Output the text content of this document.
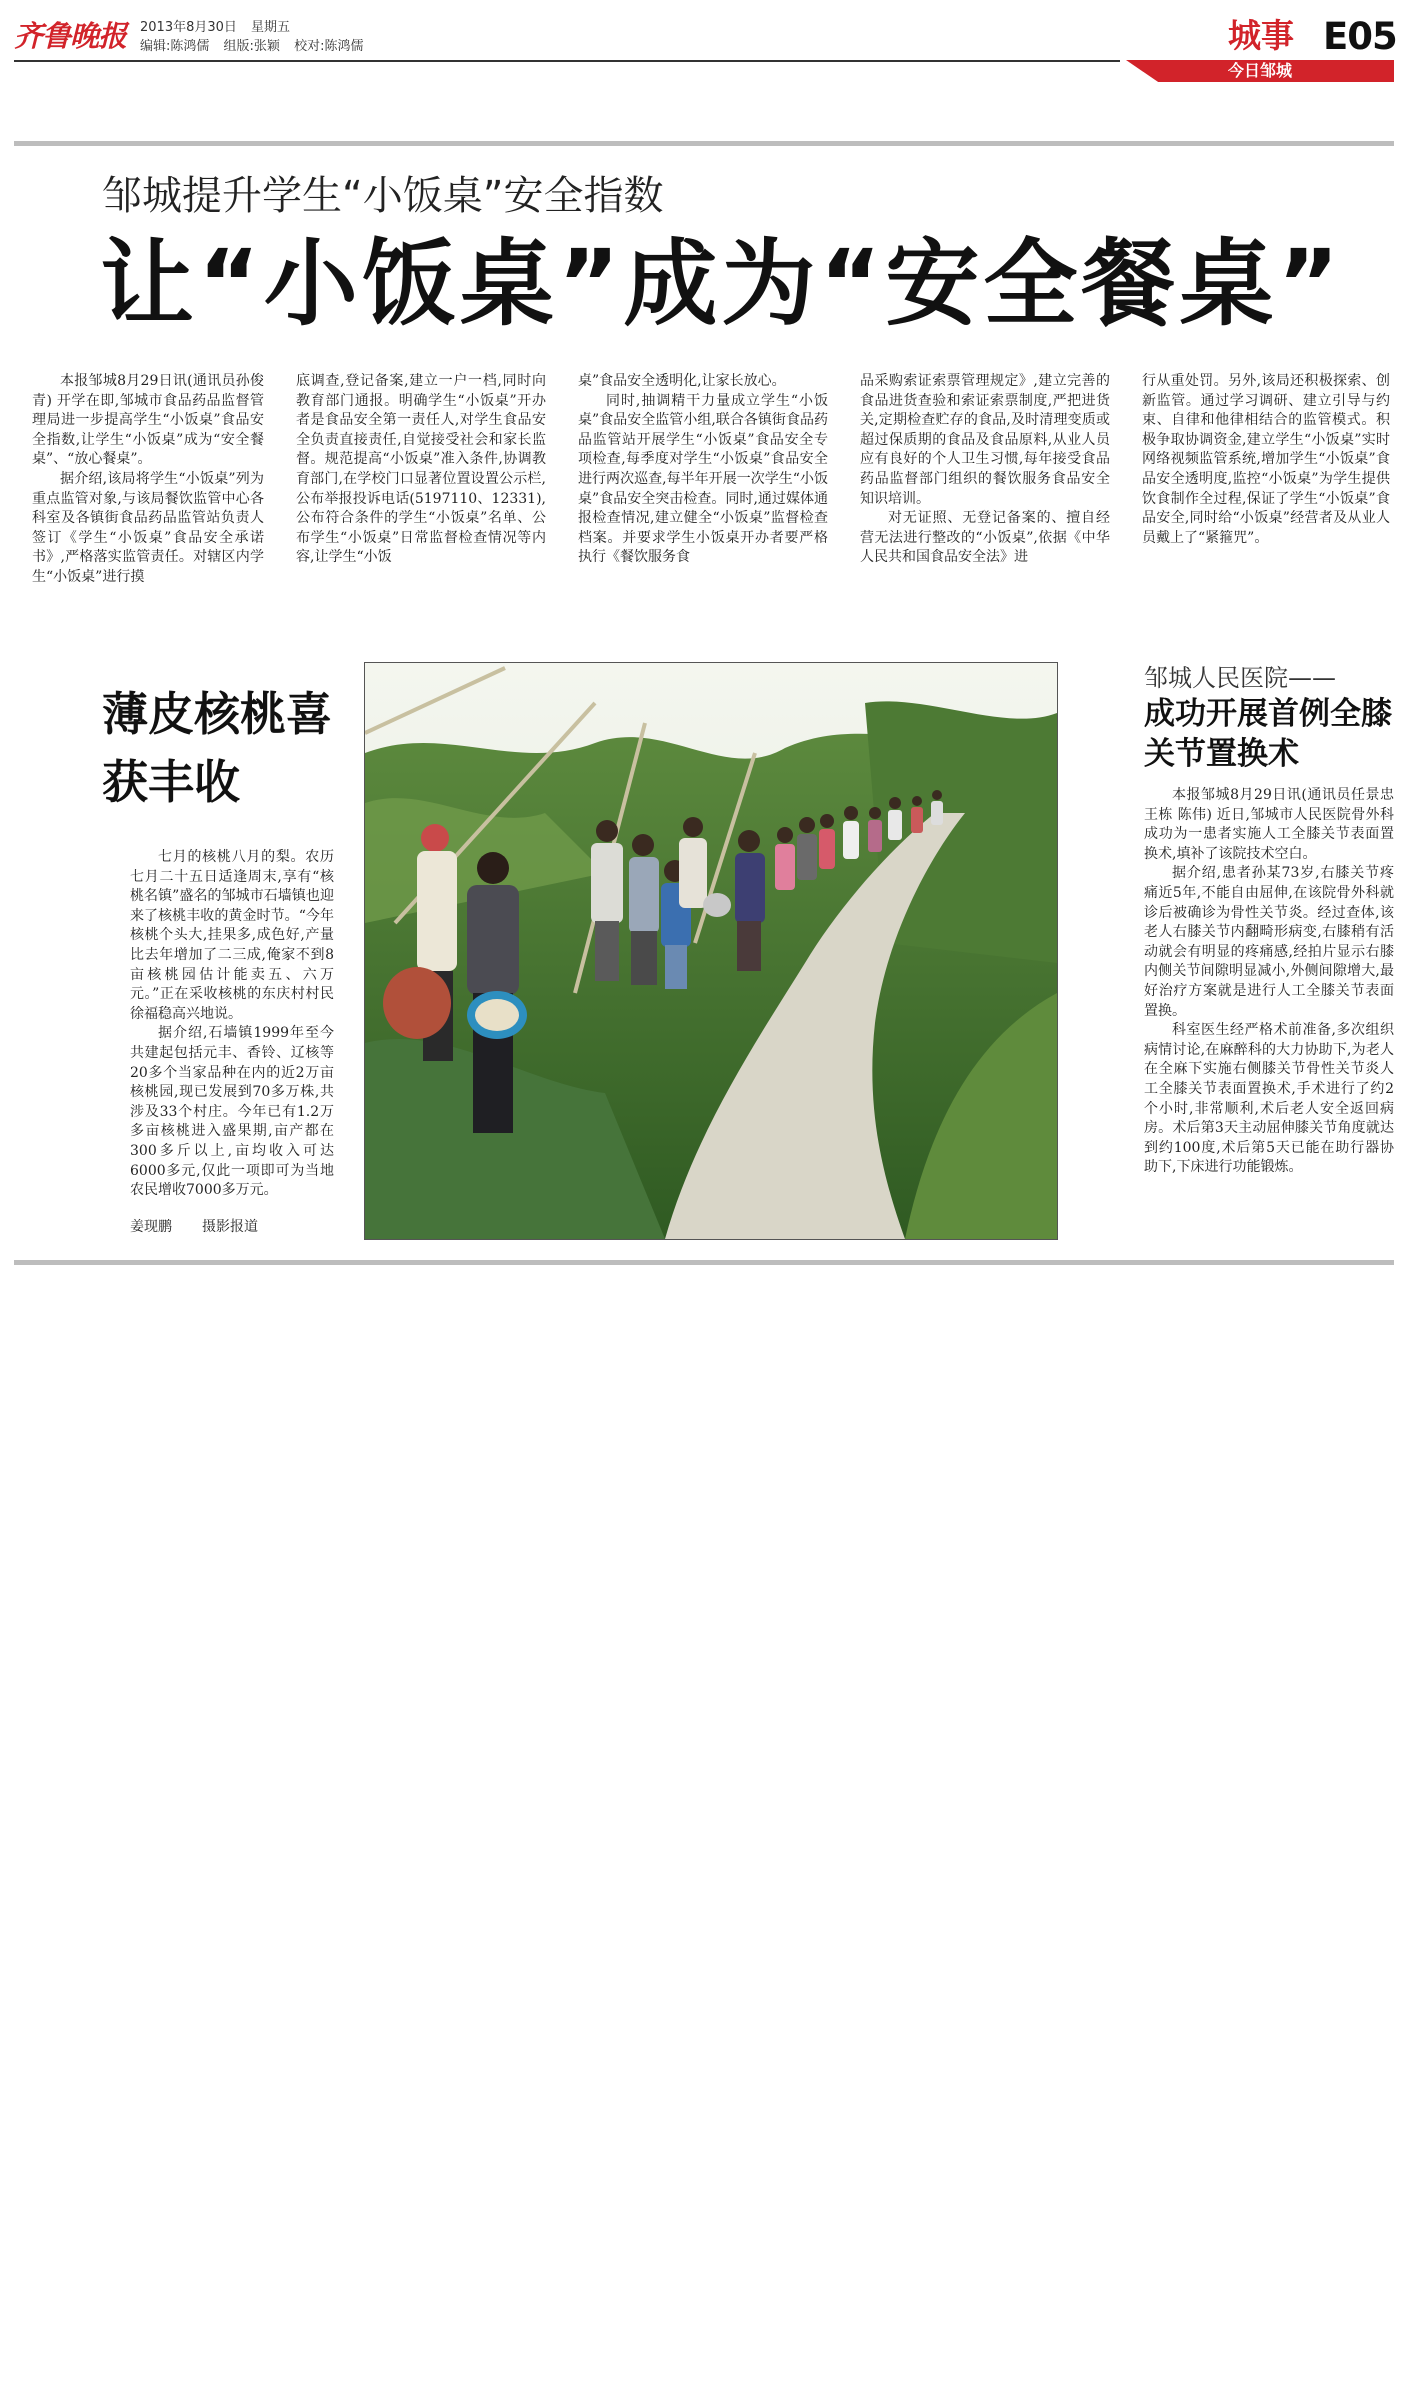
齐鲁晚报 2013年8月30日 星期五
编辑:陈鸿儒 组版:张颖 校对:陈鸿儒	城事 E05
今日邹城
邹城提升学生“小饭桌”安全指数
让“小饭桌”成为“安全餐桌”

本报邹城8月29日讯(通讯员孙俊青) 开学在即,邹城市食品药品监督管理局进一步提高学生“小饭桌”食品安全指数,让学生“小饭桌”成为“安全餐桌”、“放心餐桌”。

据介绍,该局将学生“小饭桌”列为重点监管对象,与该局餐饮监管中心各科室及各镇街食品药品监管站负责人签订《学生“小饭桌”食品安全承诺书》,严格落实监管责任。对辖区内学生“小饭桌”进行摸

底调查,登记备案,建立一户一档,同时向教育部门通报。明确学生“小饭桌”开办者是食品安全第一责任人,对学生食品安全负责直接责任,自觉接受社会和家长监督。规范提高“小饭桌”准入条件,协调教育部门,在学校门口显著位置设置公示栏,公布举报投诉电话(5197110、12331),公布符合条件的学生“小饭桌”名单、公布学生“小饭桌”日常监督检查情况等内容,让学生“小饭

桌”食品安全透明化,让家长放心。

同时,抽调精干力量成立学生“小饭桌”食品安全监管小组,联合各镇街食品药品监管站开展学生“小饭桌”食品安全专项检查,每季度对学生“小饭桌”食品安全进行两次巡查,每半年开展一次学生“小饭桌”食品安全突击检查。同时,通过媒体通报检查情况,建立健全“小饭桌”监督检查档案。并要求学生小饭桌开办者要严格执行《餐饮服务食

品采购索证索票管理规定》,建立完善的食品进货查验和索证索票制度,严把进货关,定期检查贮存的食品,及时清理变质或超过保质期的食品及食品原料,从业人员应有良好的个人卫生习惯,每年接受食品药品监督部门组织的餐饮服务食品安全知识培训。

对无证照、无登记备案的、擅自经营无法进行整改的“小饭桌”,依据《中华人民共和国食品安全法》进

行从重处罚。另外,该局还积极探索、创新监管。通过学习调研、建立引导与约束、自律和他律相结合的监管模式。积极争取协调资金,建立学生“小饭桌”实时网络视频监管系统,增加学生“小饭桌”食品安全透明度,监控“小饭桌”为学生提供饮食制作全过程,保证了学生“小饭桌”食品安全,同时给“小饭桌”经营者及从业人员戴上了“紧箍咒”。

薄皮核桃喜获丰收

七月的核桃八月的梨。农历七月二十五日适逢周末,享有“核桃名镇”盛名的邹城市石墙镇也迎来了核桃丰收的黄金时节。“今年核桃个头大,挂果多,成色好,产量比去年增加了二三成,俺家不到8亩核桃园估计能卖五、六万元。”正在采收核桃的东庆村村民徐福稳高兴地说。

据介绍,石墙镇1999年至今共建起包括元丰、香铃、辽核等20多个当家品种在内的近2万亩核桃园,现已发展到70多万株,共涉及33个村庄。今年已有1.2万多亩核桃进入盛果期,亩产都在300多斤以上,亩均收入可达6000多元,仅此一项即可为当地农民增收7000多万元。

姜现鹏 摄影报道
邹城人民医院——
成功开展首例全膝关节置换术

本报邹城8月29日讯(通讯员任景忠 王栋 陈伟) 近日,邹城市人民医院骨外科成功为一患者实施人工全膝关节表面置换术,填补了该院技术空白。

据介绍,患者孙某73岁,右膝关节疼痛近5年,不能自由屈伸,在该院骨外科就诊后被确诊为骨性关节炎。经过查体,该老人右膝关节内翻畸形病变,右膝稍有活动就会有明显的疼痛感,经拍片显示右膝内侧关节间隙明显减小,外侧间隙增大,最好治疗方案就是进行人工全膝关节表面置换。

科室医生经严格术前准备,多次组织病情讨论,在麻醉科的大力协助下,为老人在全麻下实施右侧膝关节骨性关节炎人工全膝关节表面置换术,手术进行了约2个小时,非常顺利,术后老人安全返回病房。术后第3天主动屈伸膝关节角度就达到约100度,术后第5天已能在助行器协助下,下床进行功能锻炼。
